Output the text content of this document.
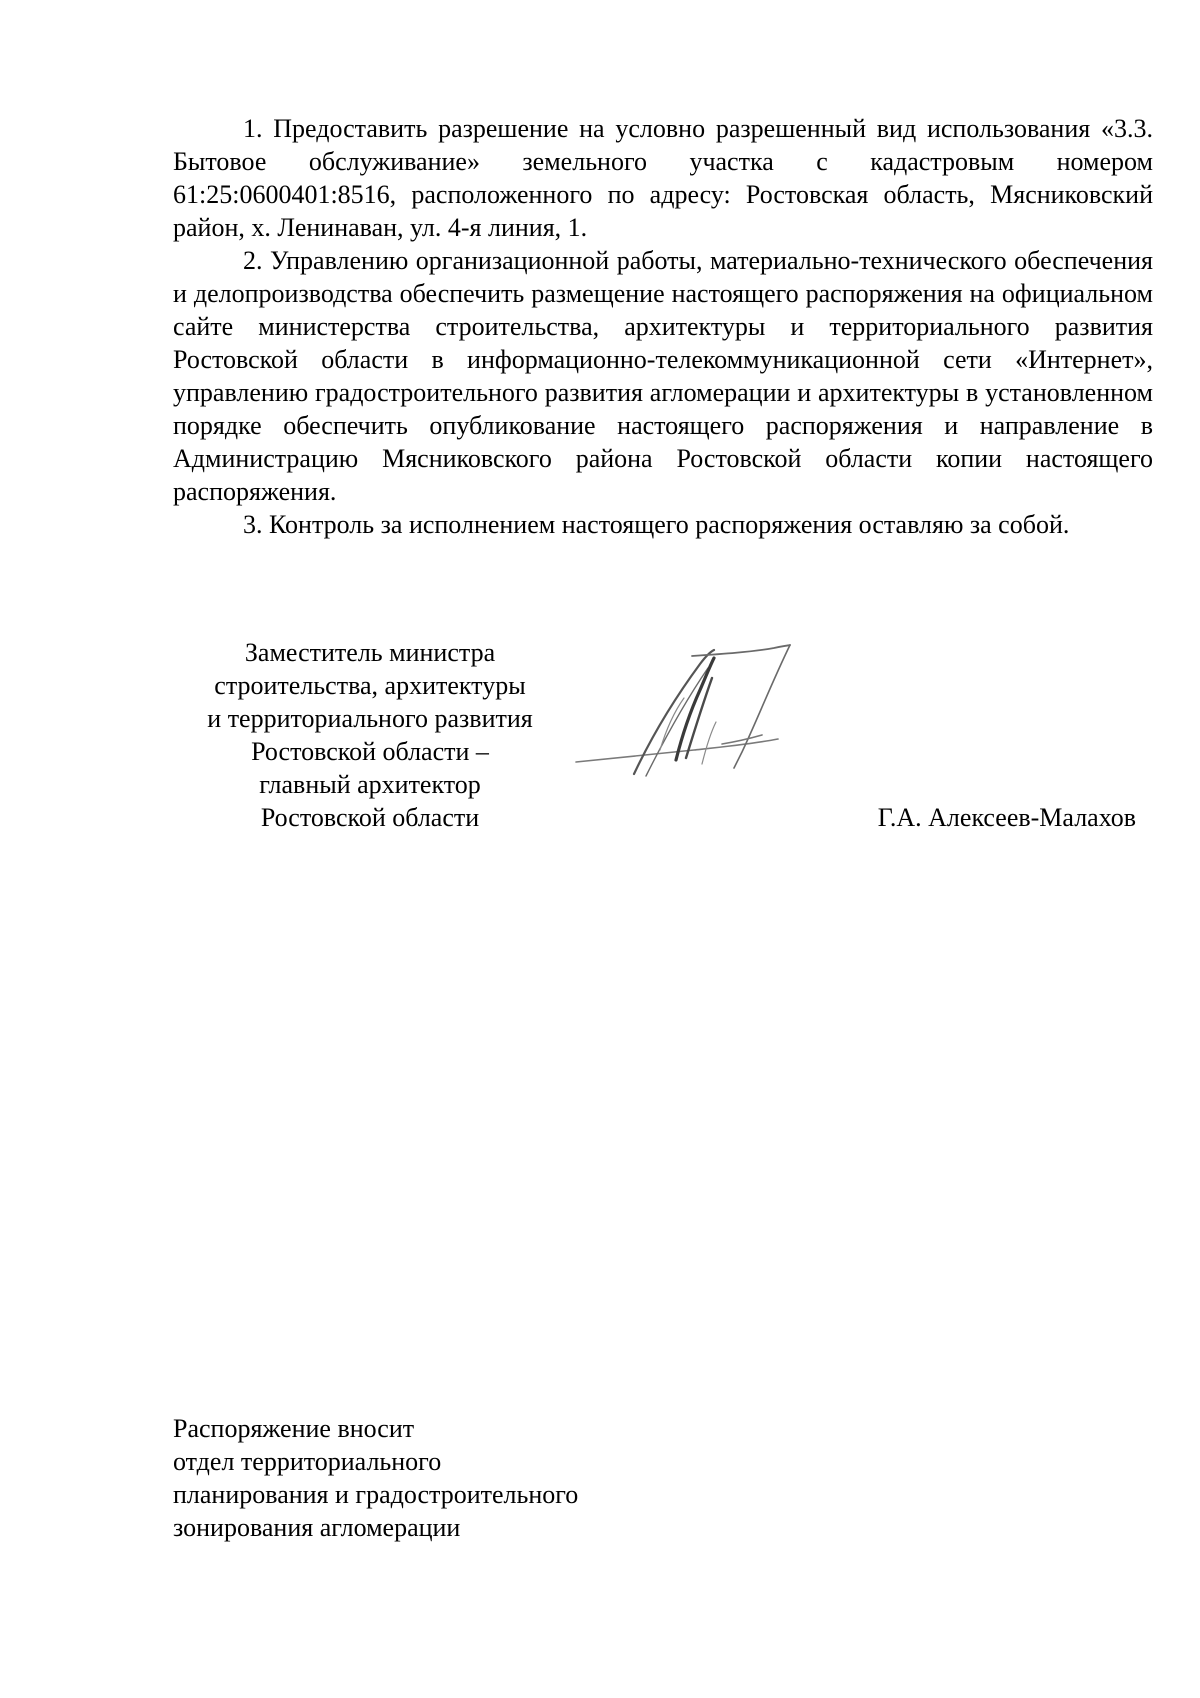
1. Предоставить разрешение на условно разрешенный вид использования «3.3. Бытовое обслуживание» земельного участка с кадастровым номером 61:25:0600401:8516, расположенного по адресу: Ростовская область, Мясниковский район, х. Ленинаван, ул. 4-я линия, 1.

2. Управлению организационной работы, материально-технического обеспечения и делопроизводства обеспечить размещение настоящего распоряжения на официальном сайте министерства строительства, архитектуры и территориального развития Ростовской области в информационно-телекоммуникационной сети «Интернет», управлению градостроительного развития агломерации и архитектуры в установленном порядке обеспечить опубликование настоящего распоряжения и направление в Администрацию Мясниковского района Ростовской области копии настоящего распоряжения.

3. Контроль за исполнением настоящего распоряжения оставляю за собой.

Заместитель министра
строительства, архитектуры
и территориального развития
Ростовской области –
главный архитектор
Ростовской области	Г.А. Алексеев-Малахов
Распоряжение вносит
отдел территориального
планирования и градостроительного
зонирования агломерации
